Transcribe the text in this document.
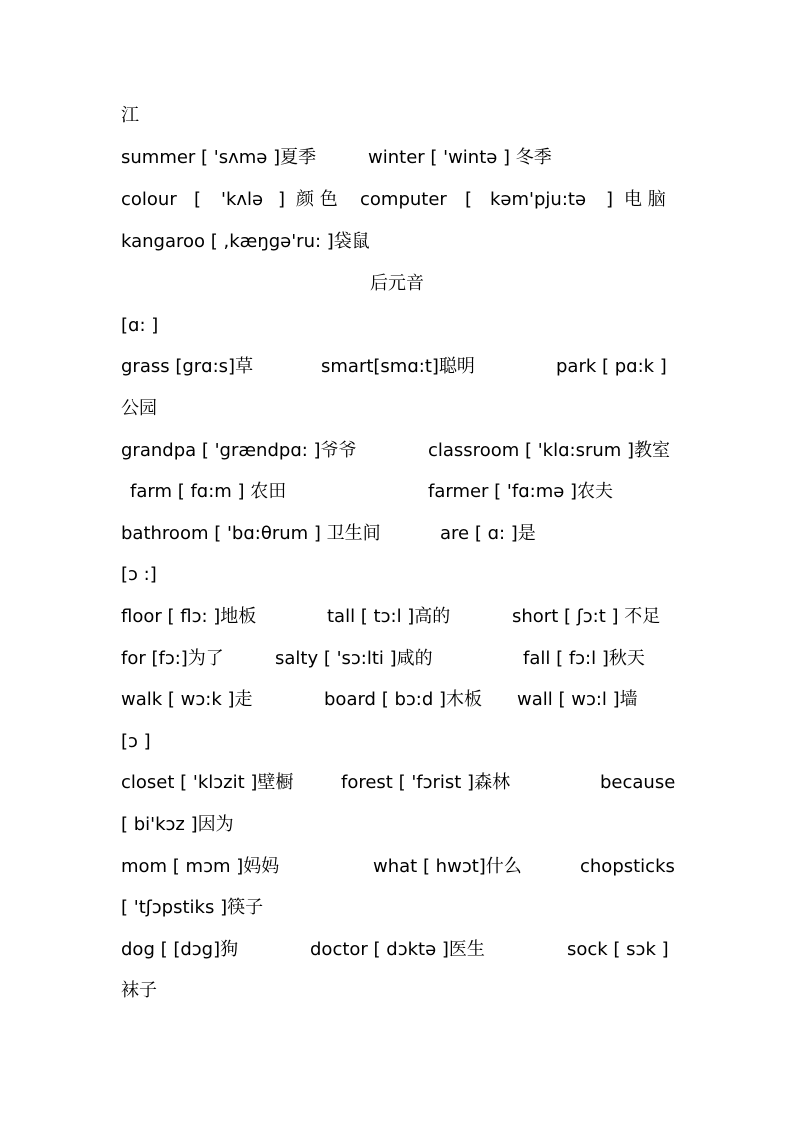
江
summer [ 'sʌmə ]夏季	winter [ 'wintə ] 冬季
colour [ 'kʌlə ] 颜 色 computer [ kəm'pju:tə ] 电 脑
kangaroo [ ,kæŋgə'ru: ]袋鼠
后元音
[ɑ: ]
grass [grɑ:s]草	smart[smɑ:t]聪明	park [ pɑ:k ]
公园
grandpa [ 'grændpɑ: ]爷爷	classroom [ 'klɑ:srum ]教室
farm [ fɑ:m ] 农田	farmer [ 'fɑ:mə ]农夫
bathroom [ 'bɑ:θrum ] 卫生间	are [ ɑ: ]是
[ɔ :]
floor [ flɔ: ]地板	tall [ tɔ:l ]高的	short [ ʃɔ:t ] 不足
for [fɔ:]为了	salty [ 'sɔ:lti ]咸的	fall [ fɔ:l ]秋天
walk [ wɔ:k ]走	board [ bɔ:d ]木板 wall [ wɔ:l ]墙
[ɔ ]
closet [ 'klɔzit ]壁橱	forest [ 'fɔrist ]森林	because
[ bi'kɔz ]因为
mom [ mɔm ]妈妈	what [ hwɔt]什么	chopsticks
[ 'tʃɔpstiks ]筷子
dog [ [dɔg]狗	doctor [ dɔktə ]医生	sock [ sɔk ]
袜子
